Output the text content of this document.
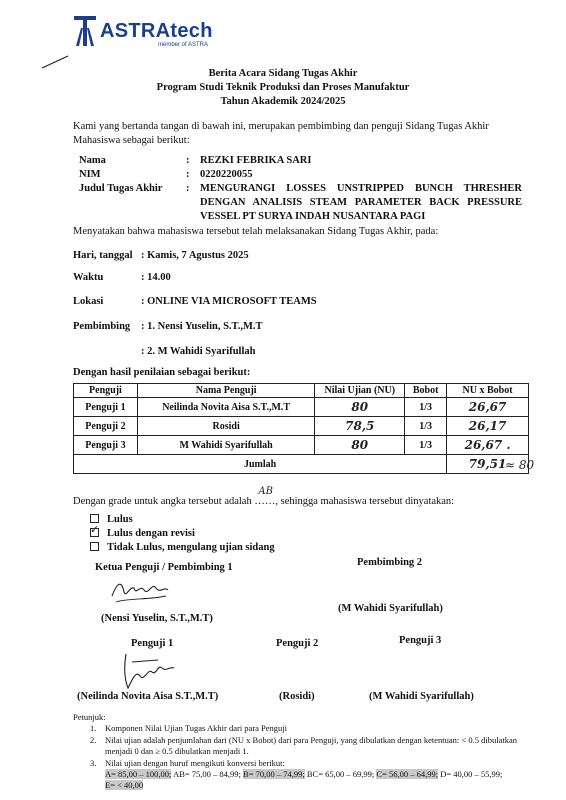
ASTRAtech
member of ASTRA
Berita Acara Sidang Tugas Akhir
Program Studi Teknik Produksi dan Proses Manufaktur
Tahun Akademik 2024/2025
Kami yang bertanda tangan di bawah ini, merupakan pembimbing dan penguji Sidang Tugas Akhir
Mahasiswa sebagai berikut:
Nama	: REZKI FEBRIKA SARI
NIM	: 0220220055
Judul Tugas Akhir : MENGURANGI LOSSES UNSTRIPPED BUNCH THRESHER
DENGAN ANALISIS STEAM PARAMETER BACK PRESSURE
VESSEL PT SURYA INDAH NUSANTARA PAGI
Menyatakan bahwa mahasiswa tersebut telah melaksanakan Sidang Tugas Akhir, pada:
Hari, tanggal : Kamis, 7 Agustus 2025
Waktu	: 14.00
Lokasi	: ONLINE VIA MICROSOFT TEAMS
Pembimbing : 1. Nensi Yuselin, S.T.,M.T
: 2. M Wahidi Syarifullah
Dengan hasil penilaian sebagai berikut:
Penguji	Nama Penguji	Nilai Ujian (NU)	Bobot	NU x Bobot
Penguji 1	Neilinda Novita Aisa S.T.,M.T	80	1/3	26,67
Penguji 2	Rosidi	78,5	1/3	26,17
Penguji 3	M Wahidi Syarifullah	80	1/3	26,67 .
Jumlah				79,51
≈ 80
Dengan grade untuk angka tersebut adalah ……
AB
, sehingga mahasiswa tersebut dinyatakan:
Lulus
✓ Lulus dengan revisi
Tidak Lulus, mengulang ujian sidang
Ketua Penguji / Pembimbing 1	Pembimbing 2
(Nensi Yuselin, S.T.,M.T)
(M Wahidi Syarifullah)
Penguji 1	Penguji 2	Penguji 3
(Neilinda Novita Aisa S.T.,M.T)	(Rosidi)	(M Wahidi Syarifullah)
Petunjuk:
1. Komponen Nilai Ujian Tugas Akhir dari para Penguji
2. Nilai ujian adalah penjumlahan dari (NU x Bobot) dari para Penguji, yang dibulatkan dengan ketentuan: < 0.5 dibulatkan
menjadi 0 dan ≥ 0.5 dibulatkan menjadi 1.
3. Nilai ujian dengan huruf mengikuti konversi berikut:
A= 85,00 – 100,00; AB= 75,00 – 84,99; B= 70,00 – 74,99; BC= 65,00 – 69,99; C= 56,00 – 64,99; D= 40,00 – 55,99;
E= < 40,00
